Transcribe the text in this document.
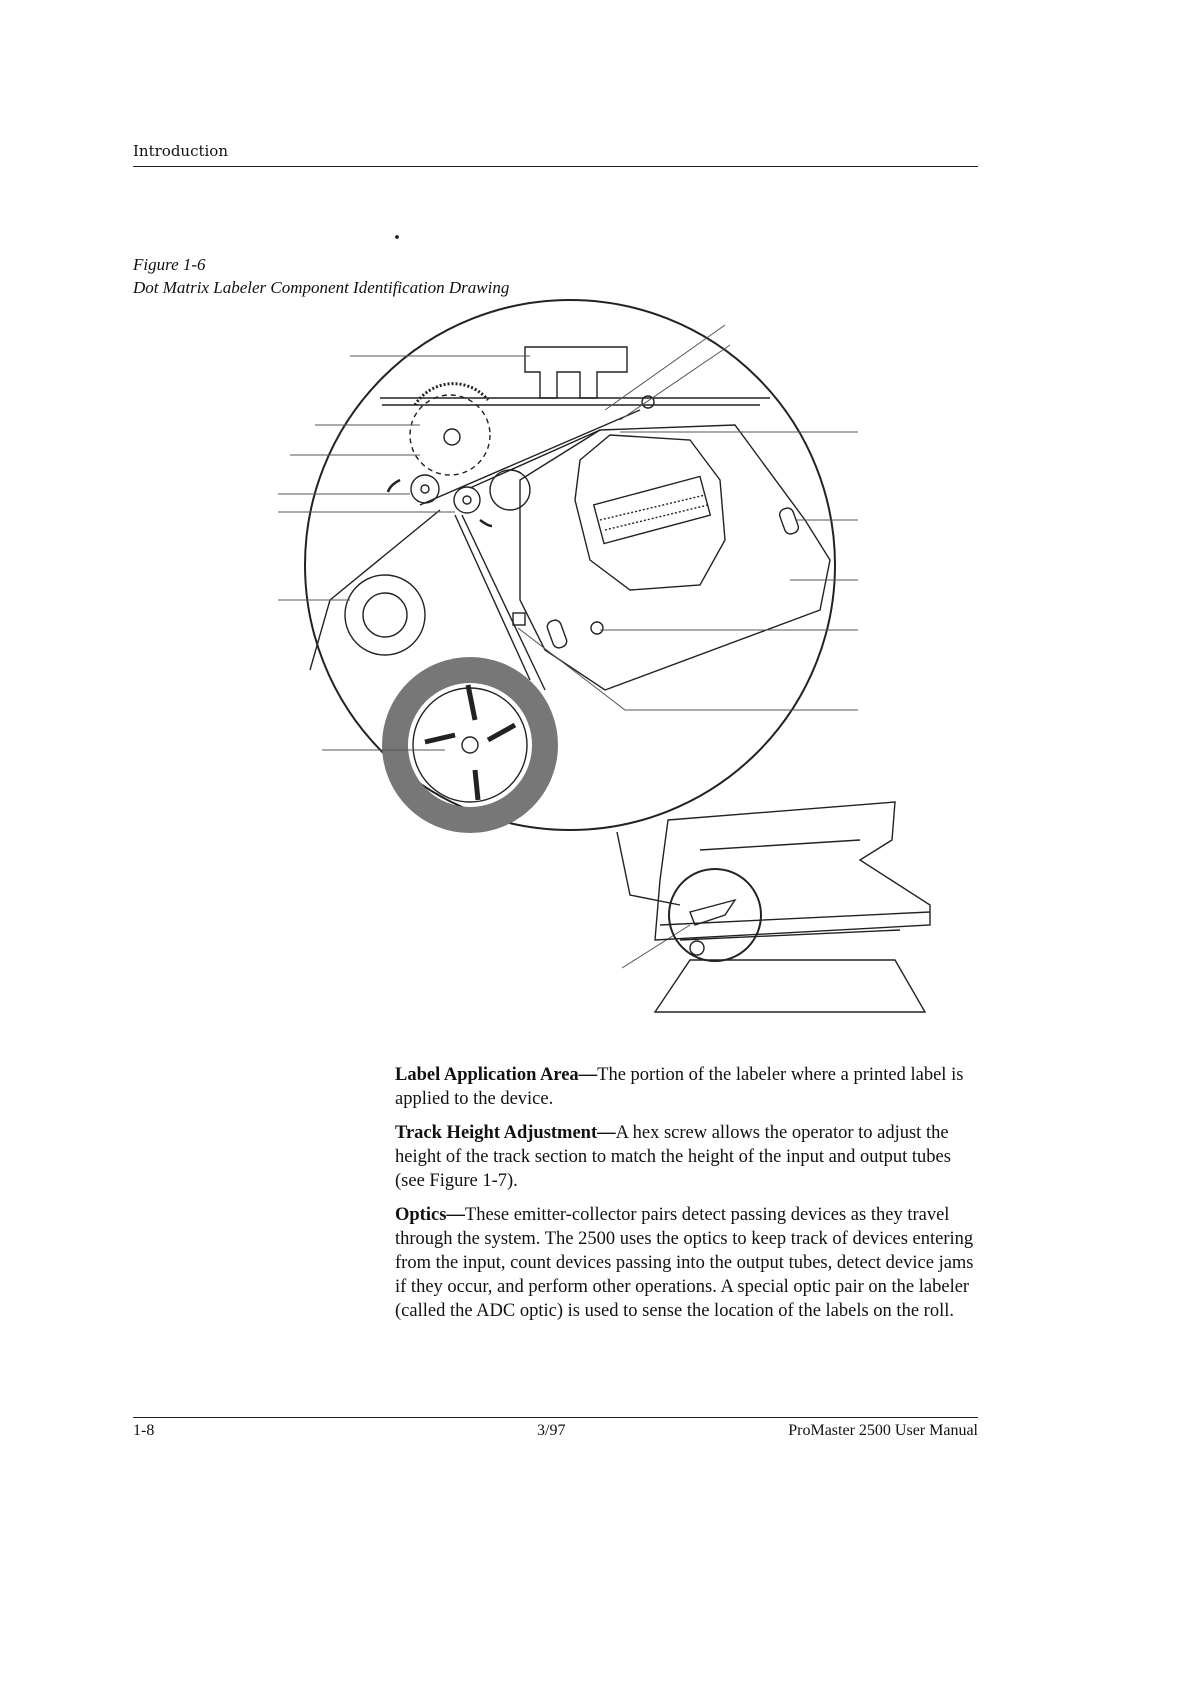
Introduction
Figure 1-6
Dot Matrix Labeler Component Identification Drawing

Label Application Area—The portion of the labeler where a printed label is applied to the device.

Track Height Adjustment—A hex screw allows the operator to adjust the height of the track section to match the height of the input and output tubes (see Figure 1-7).

Optics—These emitter-collector pairs detect passing devices as they travel through the system. The 2500 uses the optics to keep track of devices entering from the input, count devices passing into the output tubes, detect device jams if they occur, and perform other operations. A special optic pair on the labeler (called the ADC optic) is used to sense the location of the labels on the roll.

1-8	3/97	ProMaster 2500 User Manual
